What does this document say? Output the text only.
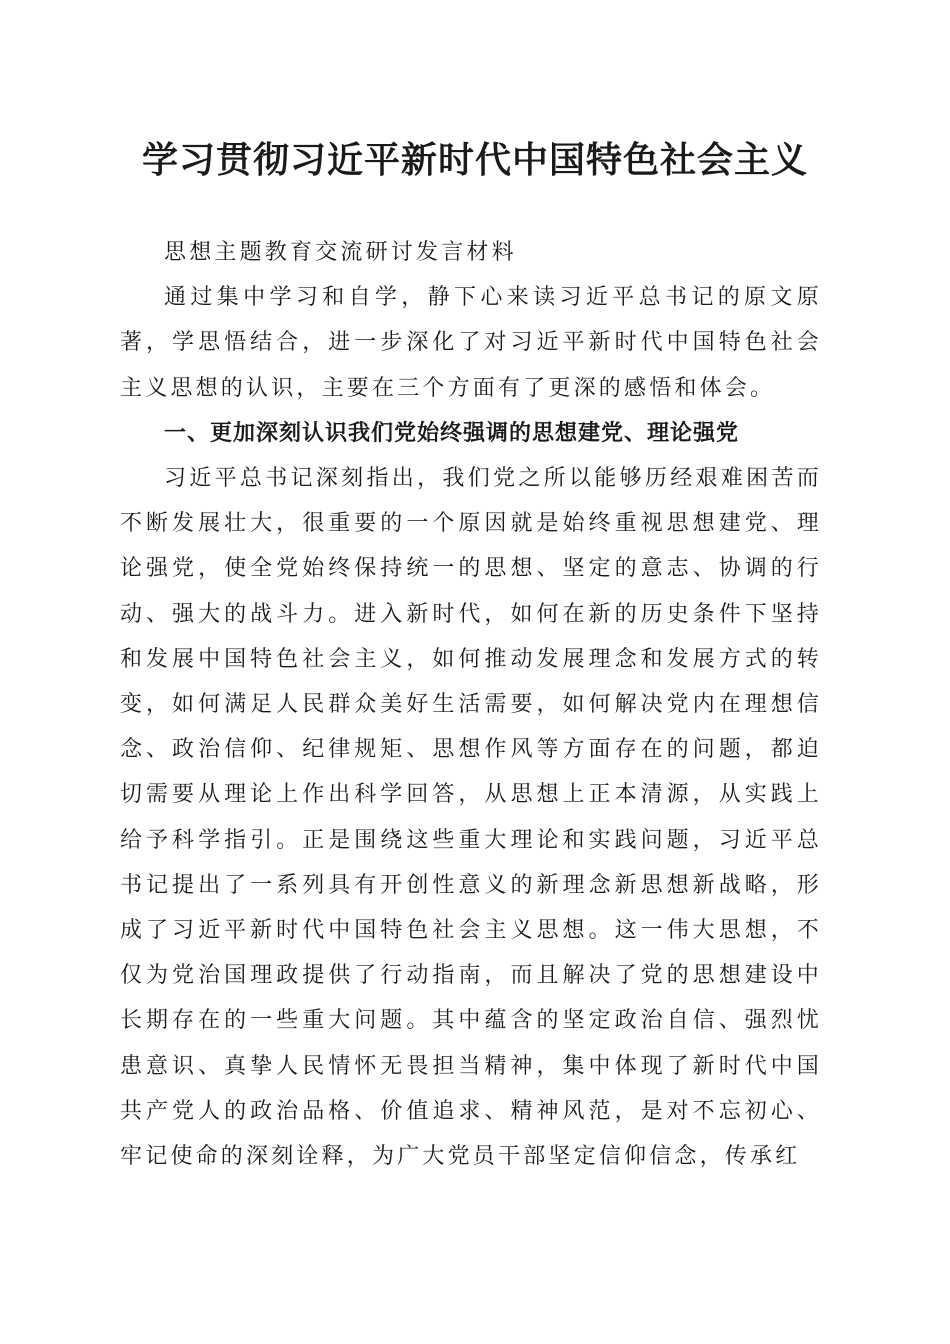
学习贯彻习近平新时代中国特色社会主义

思想主题教育交流研讨发言材料

通过集中学习和自学，静下心来读习近平总书记的原文原著，学思悟结合，进一步深化了对习近平新时代中国特色社会主义思想的认识，主要在三个方面有了更深的感悟和体会。

一、更加深刻认识我们党始终强调的思想建党、理论强党

习近平总书记深刻指出，我们党之所以能够历经艰难困苦而不断发展壮大，很重要的一个原因就是始终重视思想建党、理论强党，使全党始终保持统一的思想、坚定的意志、协调的行动、强大的战斗力。进入新时代，如何在新的历史条件下坚持和发展中国特色社会主义，如何推动发展理念和发展方式的转变，如何满足人民群众美好生活需要，如何解决党内在理想信念、政治信仰、纪律规矩、思想作风等方面存在的问题，都迫切需要从理论上作出科学回答，从思想上正本清源，从实践上给予科学指引。正是围绕这些重大理论和实践问题，习近平总书记提出了一系列具有开创性意义的新理念新思想新战略，形成了习近平新时代中国特色社会主义思想。这一伟大思想，不仅为党治国理政提供了行动指南，而且解决了党的思想建设中长期存在的一些重大问题。其中蕴含的坚定政治自信、强烈忧患意识、真挚人民情怀无畏担当精神，集中体现了新时代中国共产党人的政治品格、价值追求、精神风范，是对不忘初心、牢记使命的深刻诠释，为广大党员干部坚定信仰信念，传承红
